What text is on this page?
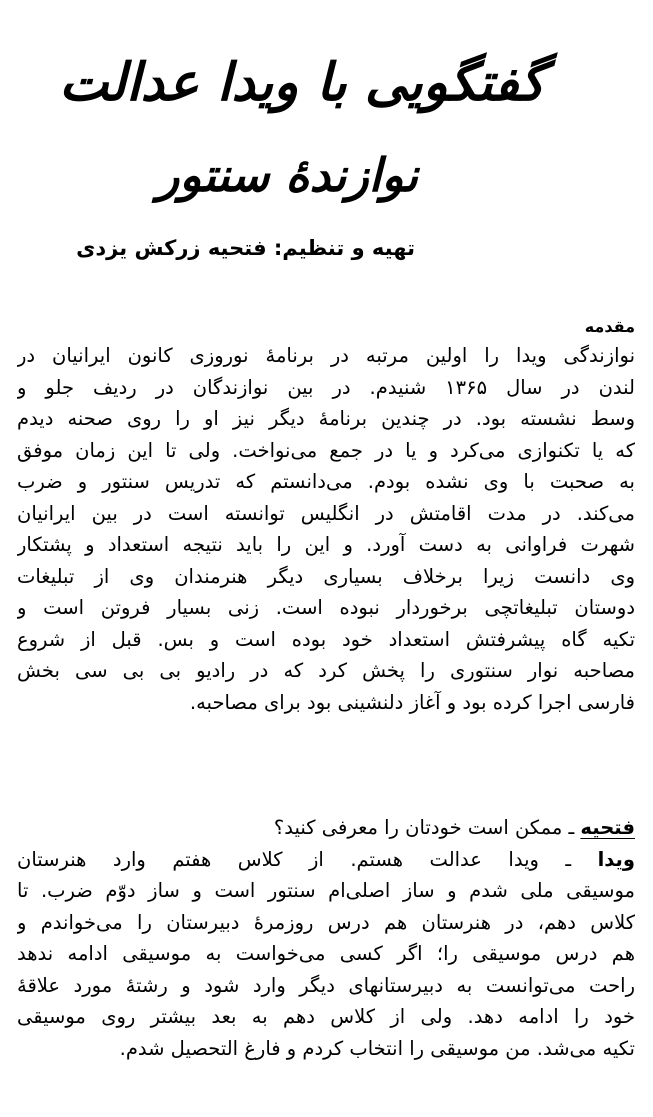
گفتگویی با ویدا عدالت
نوازندهٔ سنتور
تهیه و تنظیم: فتحیه زرکش یزدی
مقدمه
نوازندگی ویدا را اولین مرتبه در برنامهٔ نوروزی کانون ایرانیان در
لندن در سال ۱۳۶۵ شنیدم. در بین نوازندگان در ردیف جلو و
وسط نشسته بود. در چندین برنامهٔ دیگر نیز او را روی صحنه دیدم
که یا تکنوازی می‌کرد و یا در جمع می‌نواخت. ولی تا این زمان موفق
به صحبت با وی نشده بودم. می‌دانستم که تدریس سنتور و ضرب
می‌کند. در مدت اقامتش در انگلیس توانسته است در بین ایرانیان
شهرت فراوانی به دست آورد. و این را باید نتیجه استعداد و پشتکار
وی دانست زیرا برخلاف بسیاری دیگر هنرمندان وی از تبلیغات
دوستان تبلیغاتچی برخوردار نبوده است. زنی بسیار فروتن است و
تکیه گاه پیشرفتش استعداد خود بوده است و بس. قبل از شروع
مصاحبه نوار سنتوری را پخش کرد که در رادیو بی بی سی بخش
فارسی اجرا کرده بود و آغاز دلنشینی بود برای مصاحبه.
فتحیه ـ ممکن است خودتان را معرفی کنید؟
ویدا ـ ویدا عدالت هستم. از کلاس هفتم وارد هنرستان
موسیقی ملی شدم و ساز اصلی‌ام سنتور است و ساز دوّم ضرب. تا
کلاس دهم، در هنرستان هم درس روزمرهٔ دبیرستان را می‌خواندم و
هم درس موسیقی را؛ اگر کسی می‌خواست به موسیقی ادامه ندهد
راحت می‌توانست به دبیرستانهای دیگر وارد شود و رشتهٔ مورد علاقهٔ
خود را ادامه دهد. ولی از کلاس دهم به بعد بیشتر روی موسیقی
تکیه می‌شد. من موسیقی را انتخاب کردم و فارغ التحصیل شدم.
